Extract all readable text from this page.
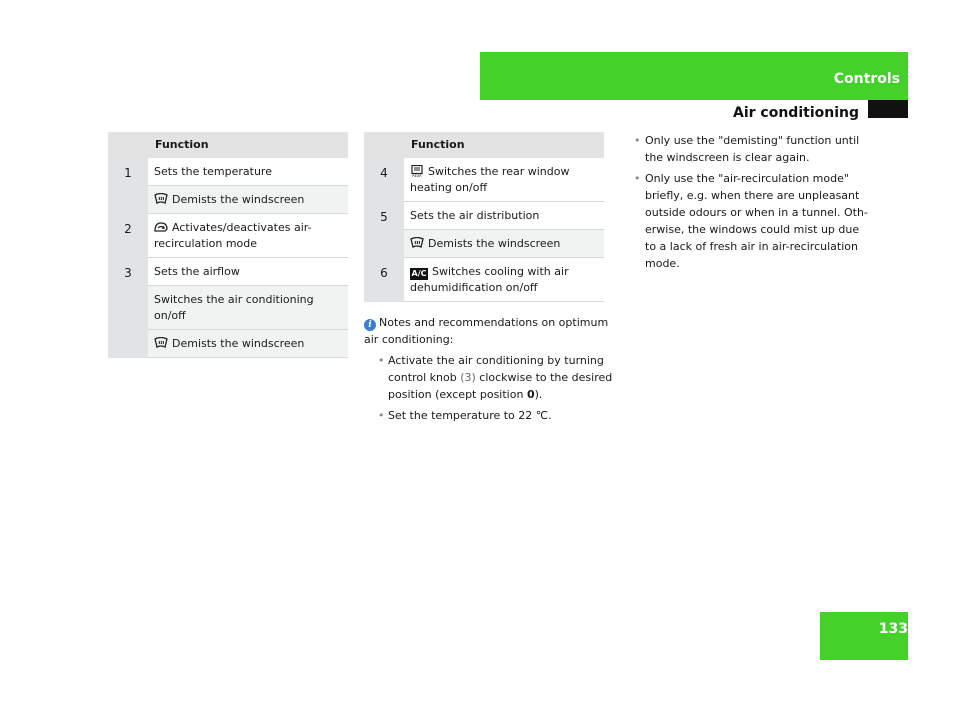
Controls
Air conditioning
	Function
1	Sets the temperature

Demists the windscreen
2	Activates/deactivates air-recirculation mode
3	Sets the airflow
	Switches the air conditioning on/off

Demists the windscreen
	Function
4	REAR Switches the rear window heating on/off
5	Sets the air distribution

Demists the windscreen
6	A/C Switches cooling with air dehumidification on/off
i Notes and recommendations on optimum air conditioning:
• Activate the air conditioning by turning control knob (3) clockwise to the desired position (except position 0).
• Set the temperature to 22 ℃.
• Only use the "demisting" function until the windscreen is clear again.
• Only use the "air-recirculation mode" briefly, e.g. when there are unpleasant outside odours or when in a tunnel. Oth-erwise, the windows could mist up due to a lack of fresh air in air-recirculation mode.
133
